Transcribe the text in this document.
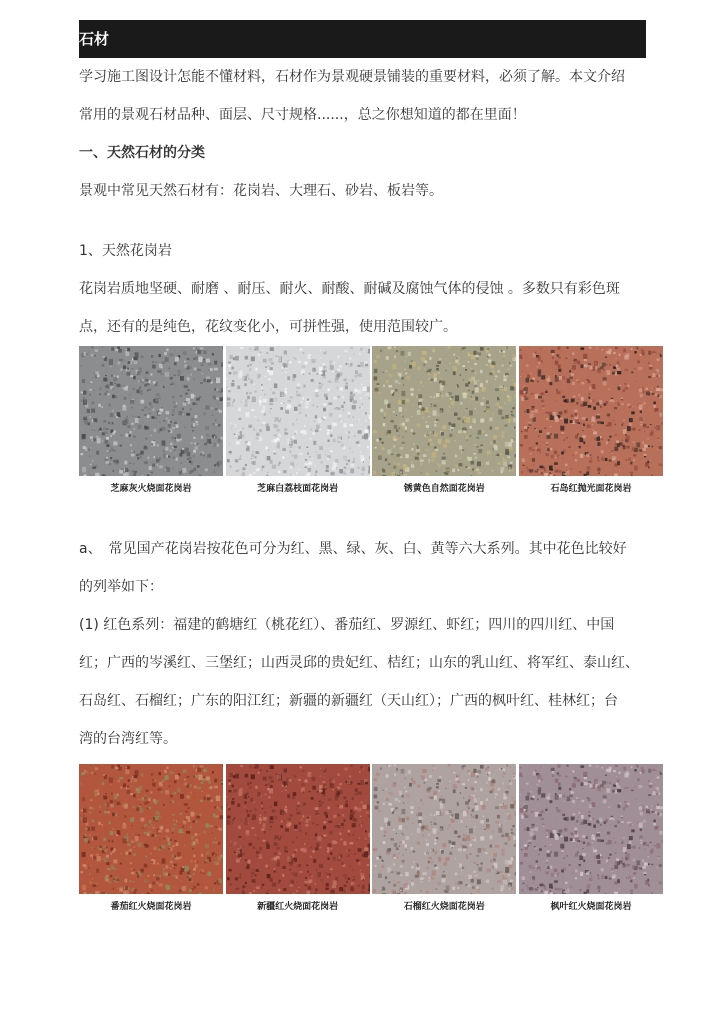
石材

学习施工图设计怎能不懂材料，石材作为景观硬景铺装的重要材料，必须了解。本文介绍

常用的景观石材品种、面层、尺寸规格......，总之你想知道的都在里面！

一、天然石材的分类

景观中常见天然石材有：花岗岩、大理石、砂岩、板岩等。

1、天然花岗岩

花岗岩质地坚硬、耐磨 、耐压、耐火、耐酸、耐碱及腐蚀气体的侵蚀 。多数只有彩色斑

点，还有的是纯色，花纹变化小，可拼性强，使用范围较广。

芝麻灰火烧面花岗岩	芝麻白荔枝面花岗岩	锈黄色自然面花岗岩	石岛红抛光面花岗岩

a、　常见国产花岗岩按花色可分为红、黑、绿、灰、白、黄等六大系列。其中花色比较好

的列举如下：

(1) 红色系列：福建的鹤塘红（桃花红）、番茄红、罗源红、虾红；四川的四川红、中国

红；广西的岑溪红、三堡红；山西灵邱的贵妃红、桔红；山东的乳山红、将军红、泰山红、

石岛红、石榴红；广东的阳江红；新疆的新疆红（天山红）；广西的枫叶红、桂林红；台

湾的台湾红等。

番茄红火烧面花岗岩	新疆红火烧面花岗岩	石榴红火烧面花岗岩	枫叶红火烧面花岗岩
